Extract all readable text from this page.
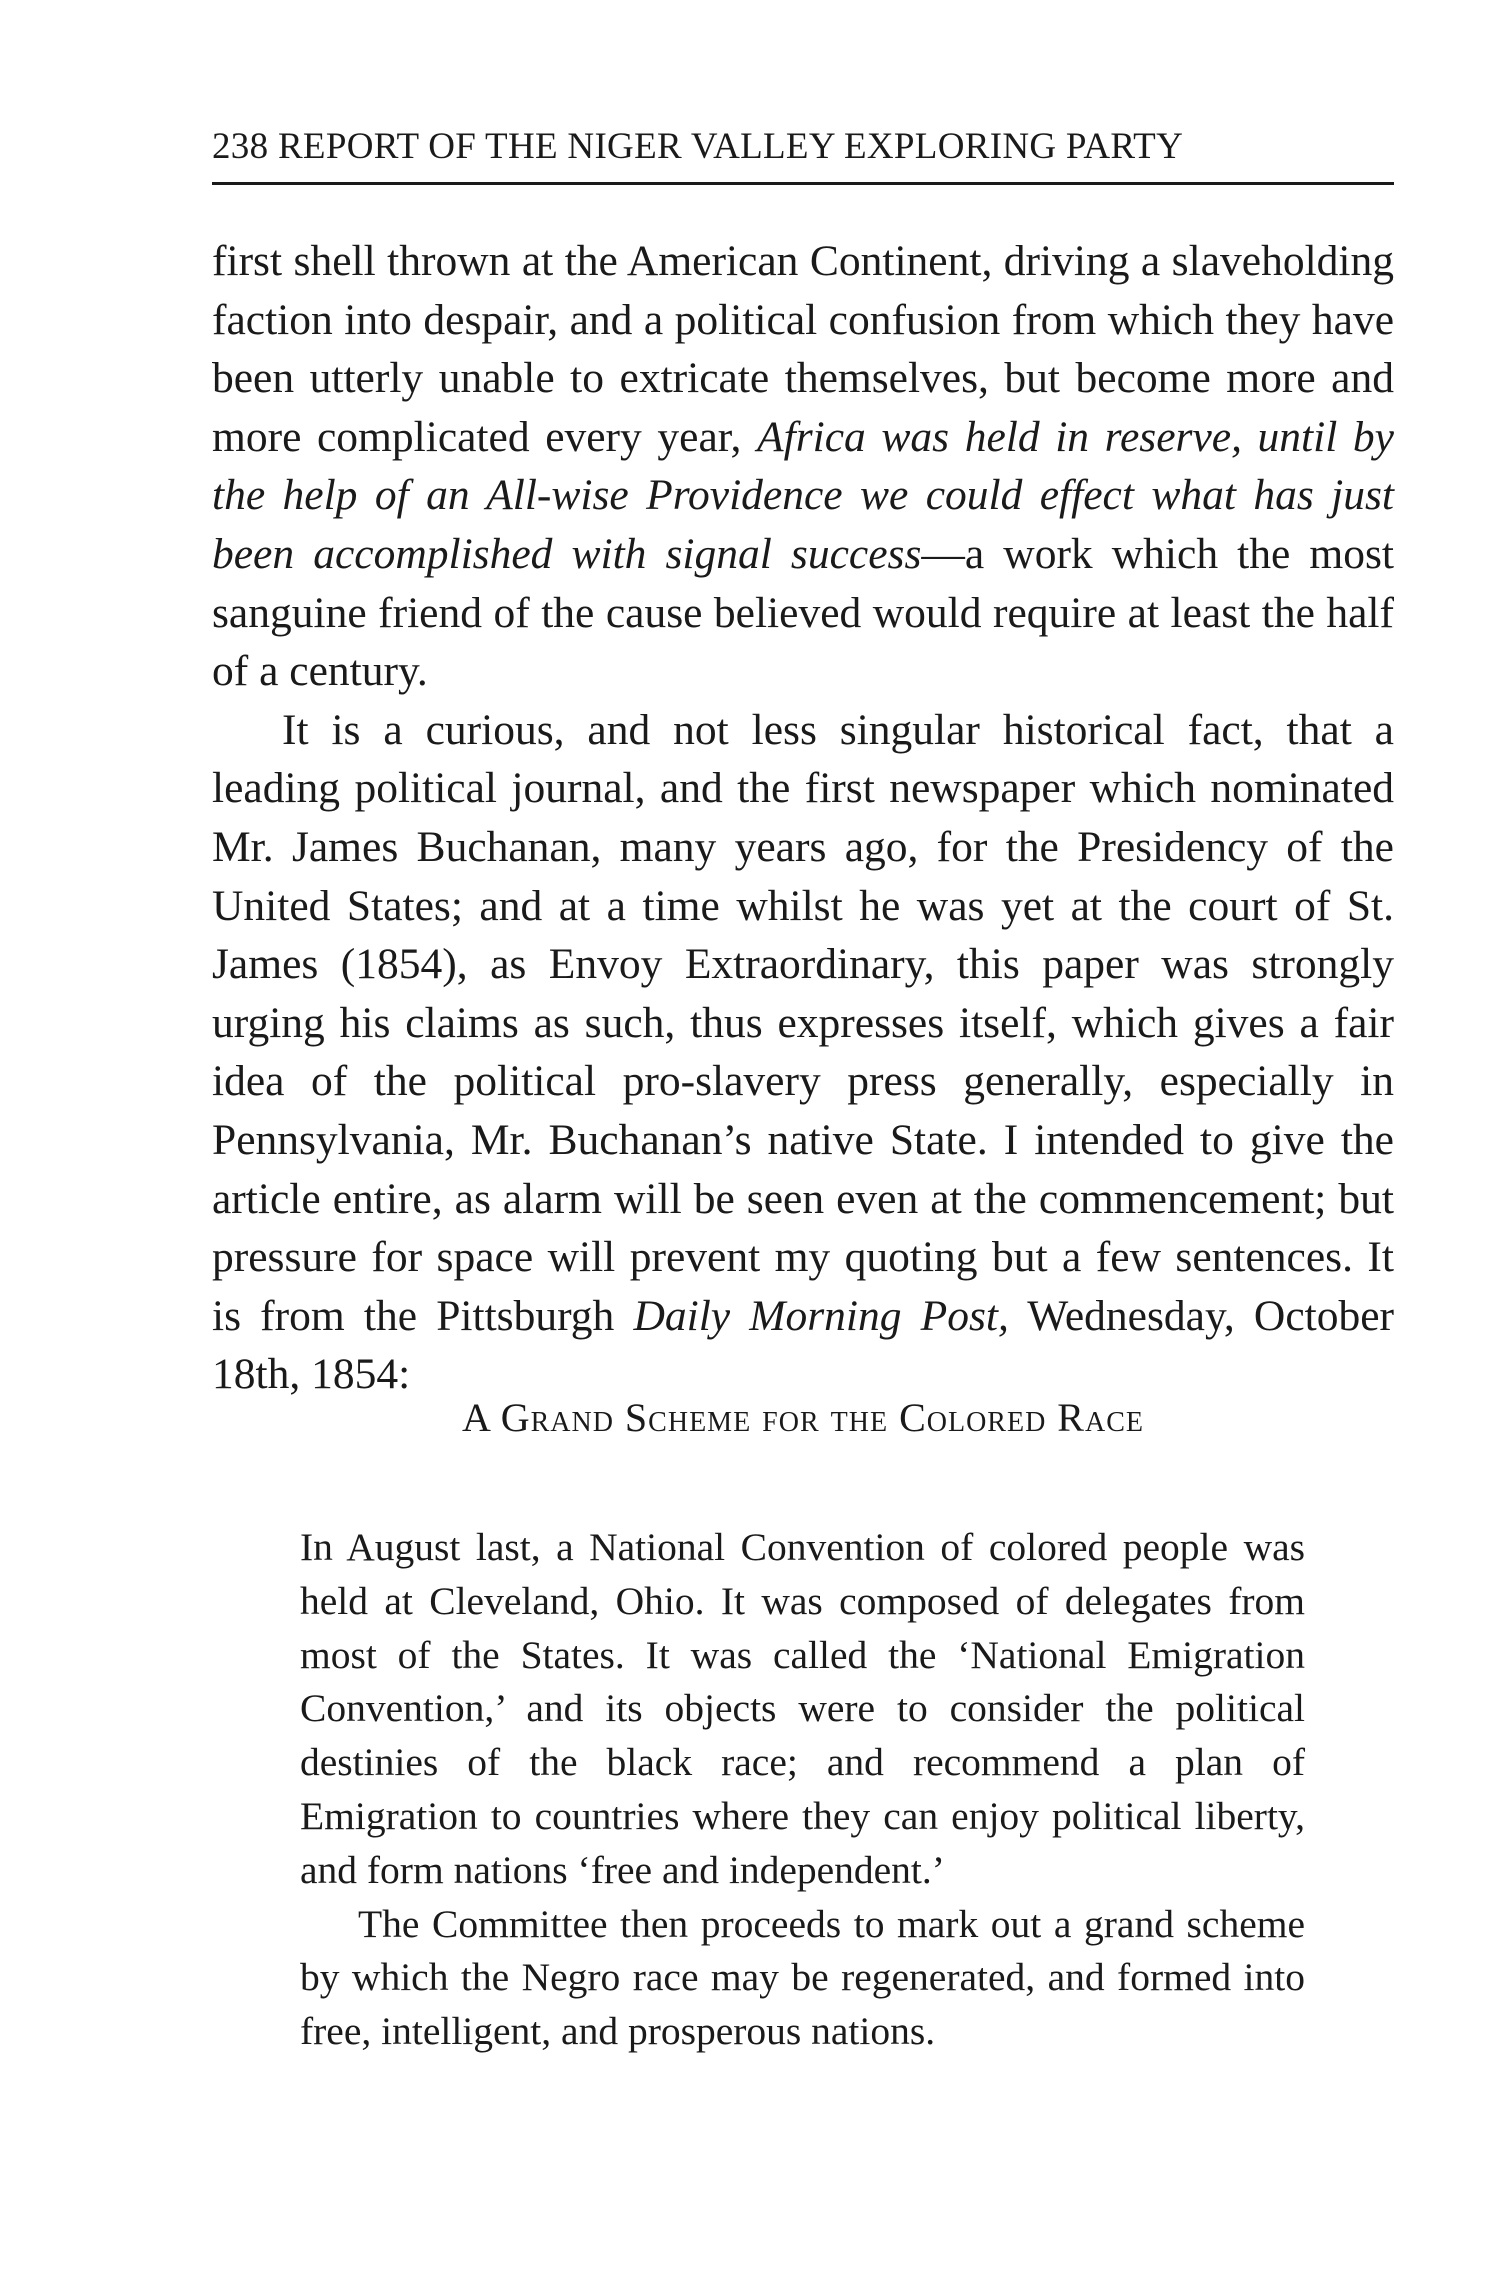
238 REPORT OF THE NIGER VALLEY EXPLORING PARTY

first shell thrown at the American Continent, driving a slaveholding faction into despair, and a political confusion from which they have been utterly unable to extricate themselves, but become more and more complicated every year, Africa was held in reserve, until by the help of an All-wise Providence we could effect what has just been accomplished with signal success—a work which the most sanguine friend of the cause believed would require at least the half of a century.

It is a curious, and not less singular historical fact, that a leading political journal, and the first newspaper which nominated Mr. James Buchanan, many years ago, for the Presidency of the United States; and at a time whilst he was yet at the court of St. James (1854), as Envoy Extraordinary, this paper was strongly urging his claims as such, thus expresses itself, which gives a fair idea of the political pro-slavery press generally, especially in Pennsylvania, Mr. Buchanan’s native State. I intended to give the article entire, as alarm will be seen even at the commencement; but pressure for space will prevent my quoting but a few sentences. It is from the Pittsburgh Daily Morning Post, Wednesday, October 18th, 1854:

A Grand Scheme for the Colored Race

In August last, a National Convention of colored people was held at Cleveland, Ohio. It was composed of delegates from most of the States. It was called the ‘National Emigration Convention,’ and its objects were to consider the political destinies of the black race; and recommend a plan of Emigration to countries where they can enjoy political liberty, and form nations ‘free and independent.’

The Committee then proceeds to mark out a grand scheme by which the Negro race may be regenerated, and formed into free, intelligent, and prosperous nations.
